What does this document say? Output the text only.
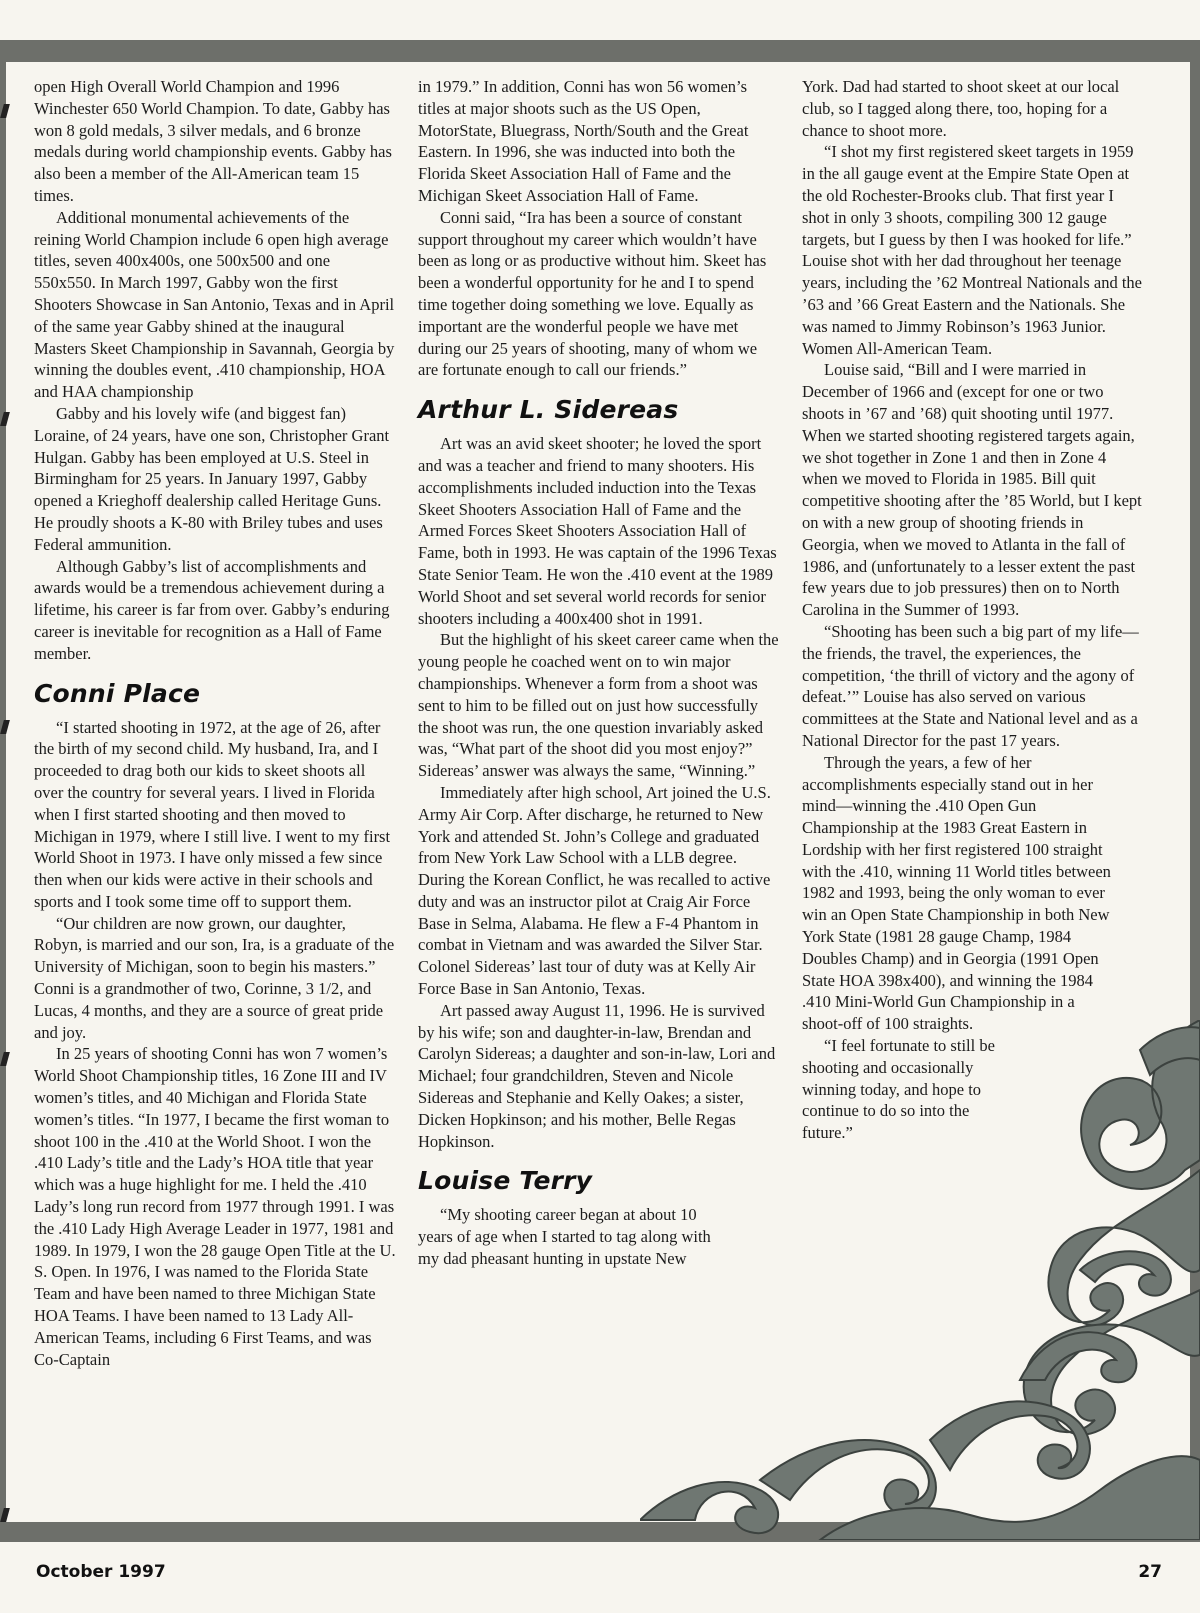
open High Overall World Champion and 1996 Winchester 650 World Champion. To date, Gabby has won 8 gold medals, 3 silver medals, and 6 bronze medals during world championship events. Gabby has also been a member of the All-American team 15 times.

Additional monumental achievements of the reining World Champion include 6 open high average titles, seven 400x400s, one 500x500 and one 550x550. In March 1997, Gabby won the first Shooters Showcase in San Antonio, Texas and in April of the same year Gabby shined at the inaugural Masters Skeet Championship in Savannah, Georgia by winning the doubles event, .410 championship, HOA and HAA championship

Gabby and his lovely wife (and biggest fan) Loraine, of 24 years, have one son, Christopher Grant Hulgan. Gabby has been employed at U.S. Steel in Birmingham for 25 years. In January 1997, Gabby opened a Krieghoff dealership called Heritage Guns. He proudly shoots a K-80 with Briley tubes and uses Federal ammunition.

Although Gabby’s list of accomplishments and awards would be a tremendous achievement during a lifetime, his career is far from over. Gabby’s enduring career is inevitable for recognition as a Hall of Fame member.

Conni Place

“I started shooting in 1972, at the age of 26, after the birth of my second child. My husband, Ira, and I proceeded to drag both our kids to skeet shoots all over the country for several years. I lived in Florida when I first started shooting and then moved to Michigan in 1979, where I still live. I went to my first World Shoot in 1973. I have only missed a few since then when our kids were active in their schools and sports and I took some time off to support them.

“Our children are now grown, our daughter, Robyn, is married and our son, Ira, is a graduate of the University of Michigan, soon to begin his masters.” Conni is a grandmother of two, Corinne, 3 1/2, and Lucas, 4 months, and they are a source of great pride and joy.

In 25 years of shooting Conni has won 7 women’s World Shoot Championship titles, 16 Zone III and IV women’s titles, and 40 Michigan and Florida State women’s titles. “In 1977, I became the first woman to shoot 100 in the .410 at the World Shoot. I won the .410 Lady’s title and the Lady’s HOA title that year which was a huge highlight for me. I held the .410 Lady’s long run record from 1977 through 1991. I was the .410 Lady High Average Leader in 1977, 1981 and 1989. In 1979, I won the 28 gauge Open Title at the U. S. Open. In 1976, I was named to the Florida State Team and have been named to three Michigan State HOA Teams. I have been named to 13 Lady All-American Teams, including 6 First Teams, and was Co-Captain

in 1979.” In addition, Conni has won 56 women’s titles at major shoots such as the US Open, MotorState, Bluegrass, North/South and the Great Eastern. In 1996, she was inducted into both the Florida Skeet Association Hall of Fame and the Michigan Skeet Association Hall of Fame.

Conni said, “Ira has been a source of constant support throughout my career which wouldn’t have been as long or as productive without him. Skeet has been a wonderful opportunity for he and I to spend time together doing something we love. Equally as important are the wonderful people we have met during our 25 years of shooting, many of whom we are fortunate enough to call our friends.”

Arthur L. Sidereas

Art was an avid skeet shooter; he loved the sport and was a teacher and friend to many shooters. His accomplishments included induction into the Texas Skeet Shooters Association Hall of Fame and the Armed Forces Skeet Shooters Association Hall of Fame, both in 1993. He was captain of the 1996 Texas State Senior Team. He won the .410 event at the 1989 World Shoot and set several world records for senior shooters including a 400x400 shot in 1991.

But the highlight of his skeet career came when the young people he coached went on to win major championships. Whenever a form from a shoot was sent to him to be filled out on just how successfully the shoot was run, the one question invariably asked was, “What part of the shoot did you most enjoy?” Sidereas’ answer was always the same, “Winning.”

Immediately after high school, Art joined the U.S. Army Air Corp. After discharge, he returned to New York and attended St. John’s College and graduated from New York Law School with a LLB degree. During the Korean Conflict, he was recalled to active duty and was an instructor pilot at Craig Air Force Base in Selma, Alabama. He flew a F-4 Phantom in combat in Vietnam and was awarded the Silver Star. Colonel Sidereas’ last tour of duty was at Kelly Air Force Base in San Antonio, Texas.

Art passed away August 11, 1996. He is survived by his wife; son and daughter-in-law, Brendan and Carolyn Sidereas; a daughter and son-in-law, Lori and Michael; four grandchildren, Steven and Nicole Sidereas and Stephanie and Kelly Oakes; a sister, Dicken Hopkinson; and his mother, Belle Regas Hopkinson.

Louise Terry

“My shooting career began at about 10 years of age when I started to tag along with my dad pheasant hunting in upstate New

York. Dad had started to shoot skeet at our local club, so I tagged along there, too, hoping for a chance to shoot more.

“I shot my first registered skeet targets in 1959 in the all gauge event at the Empire State Open at the old Rochester-Brooks club. That first year I shot in only 3 shoots, compiling 300 12 gauge targets, but I guess by then I was hooked for life.” Louise shot with her dad throughout her teenage years, including the ’62 Montreal Nationals and the ’63 and ’66 Great Eastern and the Nationals. She was named to Jimmy Robinson’s 1963 Junior. Women All-American Team.

Louise said, “Bill and I were married in December of 1966 and (except for one or two shoots in ’67 and ’68) quit shooting until 1977. When we started shooting registered targets again, we shot together in Zone 1 and then in Zone 4 when we moved to Florida in 1985. Bill quit competitive shooting after the ’85 World, but I kept on with a new group of shooting friends in Georgia, when we moved to Atlanta in the fall of 1986, and (unfortunately to a lesser extent the past few years due to job pressures) then on to North Carolina in the Summer of 1993.

“Shooting has been such a big part of my life—the friends, the travel, the experiences, the competition, ‘the thrill of victory and the agony of defeat.’” Louise has also served on various committees at the State and National level and as a National Director for the past 17 years.

Through the years, a few of her accomplishments especially stand out in her mind—winning the .410 Open Gun Championship at the 1983 Great Eastern in Lordship with her first registered 100 straight with the .410, winning 11 World titles between 1982 and 1993, being the only woman to ever win an Open State Championship in both New York State (1981 28 gauge Champ, 1984 Doubles Champ) and in Georgia (1991 Open State HOA 398x400), and winning the 1984 .410 Mini-World Gun Championship in a shoot-off of 100 straights.

“I feel fortunate to still be shooting and occasionally winning today, and hope to continue to do so into the future.”

October 1997	27
